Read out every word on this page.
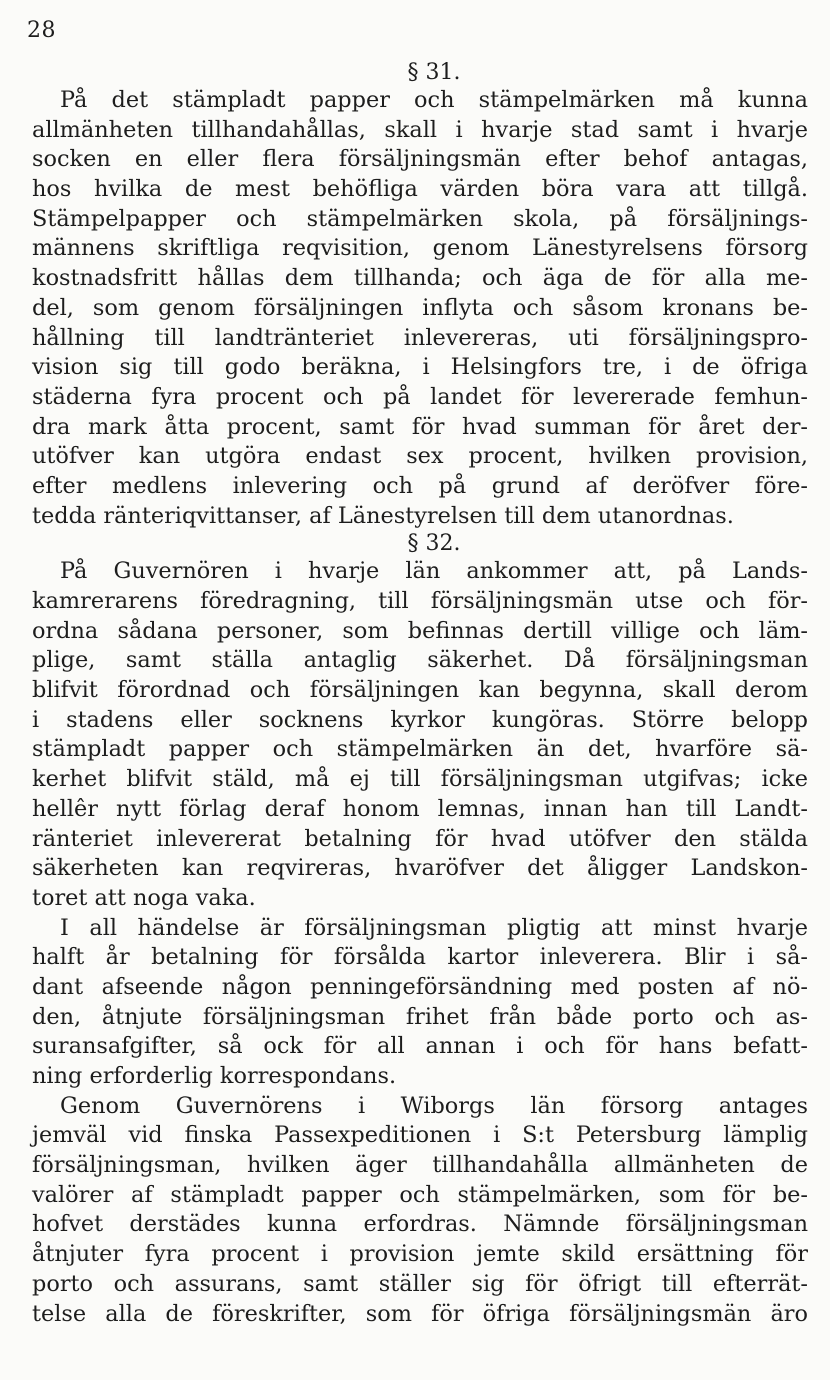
28
§ 31.
På det stämpladt papper och stämpelmärken må kunna
allmänheten tillhandahållas, skall i hvarje stad samt i hvarje
socken en eller flera försäljningsmän efter behof antagas,
hos hvilka de mest behöfliga värden böra vara att tillgå.
Stämpelpapper och stämpelmärken skola, på försäljnings-
männens skriftliga reqvisition, genom Länestyrelsens försorg
kostnadsfritt hållas dem tillhanda; och äga de för alla me-
del, som genom försäljningen inflyta och såsom kronans be-
hållning till landtränteriet inlevereras, uti försäljningspro-
vision sig till godo beräkna, i Helsingfors tre, i de öfriga
städerna fyra procent och på landet för levererade femhun-
dra mark åtta procent, samt för hvad summan för året der-
utöfver kan utgöra endast sex procent, hvilken provision,
efter medlens inlevering och på grund af deröfver före-
tedda ränteriqvittanser, af Länestyrelsen till dem utanordnas.
§ 32.
På Guvernören i hvarje län ankommer att, på Lands-
kamrerarens föredragning, till försäljningsmän utse och för-
ordna sådana personer, som befinnas dertill villige och läm-
plige, samt ställa antaglig säkerhet. Då försäljningsman
blifvit förordnad och försäljningen kan begynna, skall derom
i stadens eller socknens kyrkor kungöras. Större belopp
stämpladt papper och stämpelmärken än det, hvarföre sä-
kerhet blifvit stäld, må ej till försäljningsman utgifvas; icke
hellêr nytt förlag deraf honom lemnas, innan han till Landt-
ränteriet inlevererat betalning för hvad utöfver den stälda
säkerheten kan reqvireras, hvaröfver det åligger Landskon-
toret att noga vaka.
I all händelse är försäljningsman pligtig att minst hvarje
halft år betalning för försålda kartor inleverera. Blir i så-
dant afseende någon penningeförsändning med posten af nö-
den, åtnjute försäljningsman frihet från både porto och as-
suransafgifter, så ock för all annan i och för hans befatt-
ning erforderlig korrespondans.
Genom Guvernörens i Wiborgs län försorg antages
jemväl vid finska Passexpeditionen i S:t Petersburg lämplig
försäljningsman, hvilken äger tillhandahålla allmänheten de
valörer af stämpladt papper och stämpelmärken, som för be-
hofvet derstädes kunna erfordras. Nämnde försäljningsman
åtnjuter fyra procent i provision jemte skild ersättning för
porto och assurans, samt ställer sig för öfrigt till efterrät-
telse alla de föreskrifter, som för öfriga försäljningsmän äro
